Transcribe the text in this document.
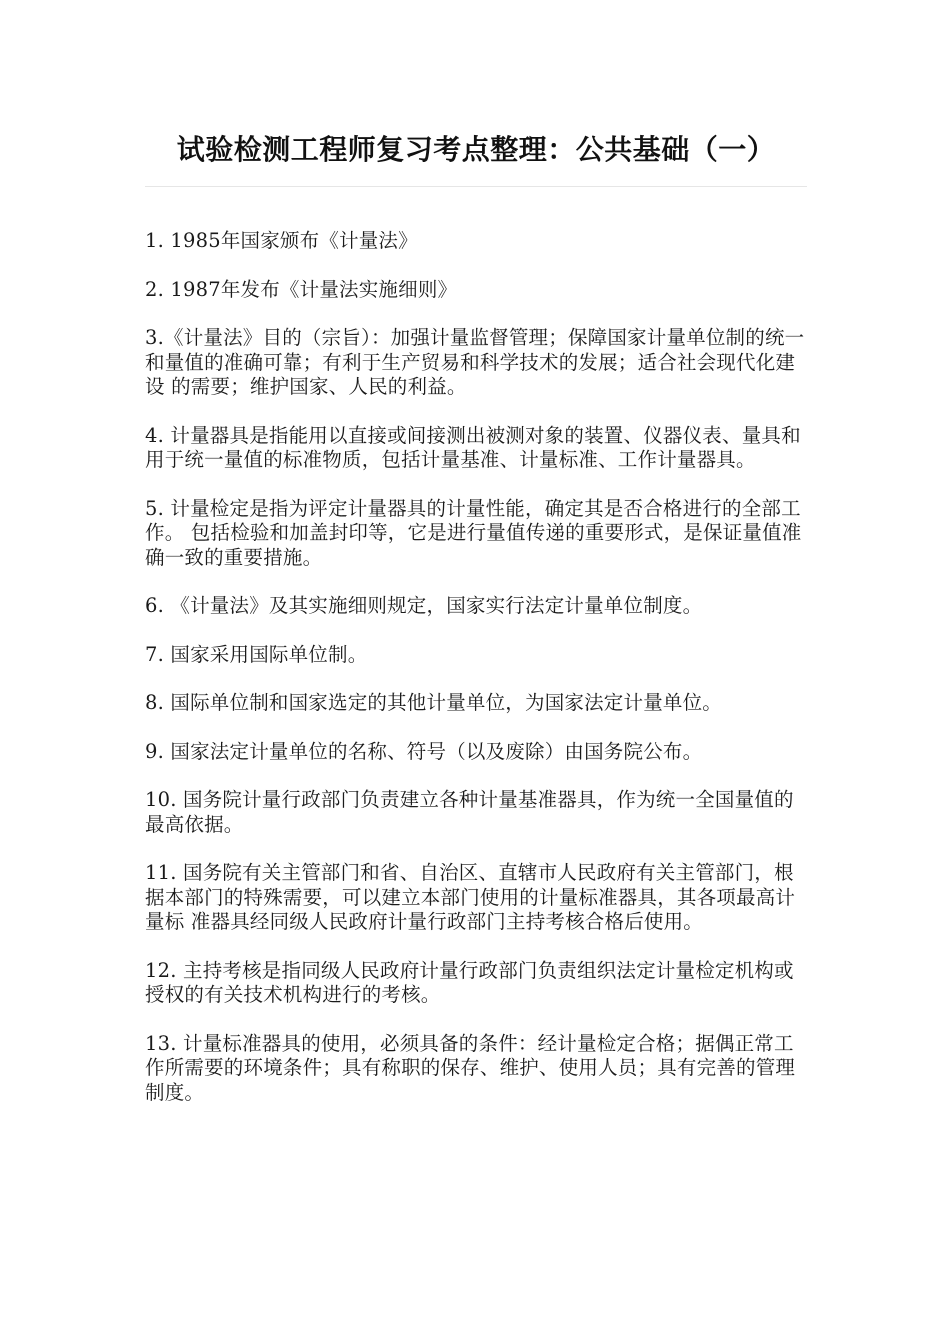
试验检测工程师复习考点整理：公共基础（一）

1. 1985年国家颁布《计量法》

2. 1987年发布《计量法实施细则》

3.《计量法》目的（宗旨）：加强计量监督管理；保障国家计量单位制的统一和量值的准确可靠；有利于生产贸易和科学技术的发展；适合社会现代化建设 的需要；维护国家、人民的利益。

4. 计量器具是指能用以直接或间接测出被测对象的装置、仪器仪表、量具和用于统一量值的标准物质，包括计量基准、计量标准、工作计量器具。

5. 计量检定是指为评定计量器具的计量性能，确定其是否合格进行的全部工作。 包括检验和加盖封印等，它是进行量值传递的重要形式，是保证量值准确一致的重要措施。

6. 《计量法》及其实施细则规定，国家实行法定计量单位制度。

7. 国家采用国际单位制。

8. 国际单位制和国家选定的其他计量单位，为国家法定计量单位。

9. 国家法定计量单位的名称、符号（以及废除）由国务院公布。

10. 国务院计量行政部门负责建立各种计量基准器具，作为统一全国量值的最高依据。

11. 国务院有关主管部门和省、自治区、直辖市人民政府有关主管部门，根据本部门的特殊需要，可以建立本部门使用的计量标准器具，其各项最高计量标 准器具经同级人民政府计量行政部门主持考核合格后使用。

12. 主持考核是指同级人民政府计量行政部门负责组织法定计量检定机构或授权的有关技术机构进行的考核。

13. 计量标准器具的使用，必须具备的条件：经计量检定合格；据偶正常工作所需要的环境条件；具有称职的保存、维护、使用人员；具有完善的管理制度。
